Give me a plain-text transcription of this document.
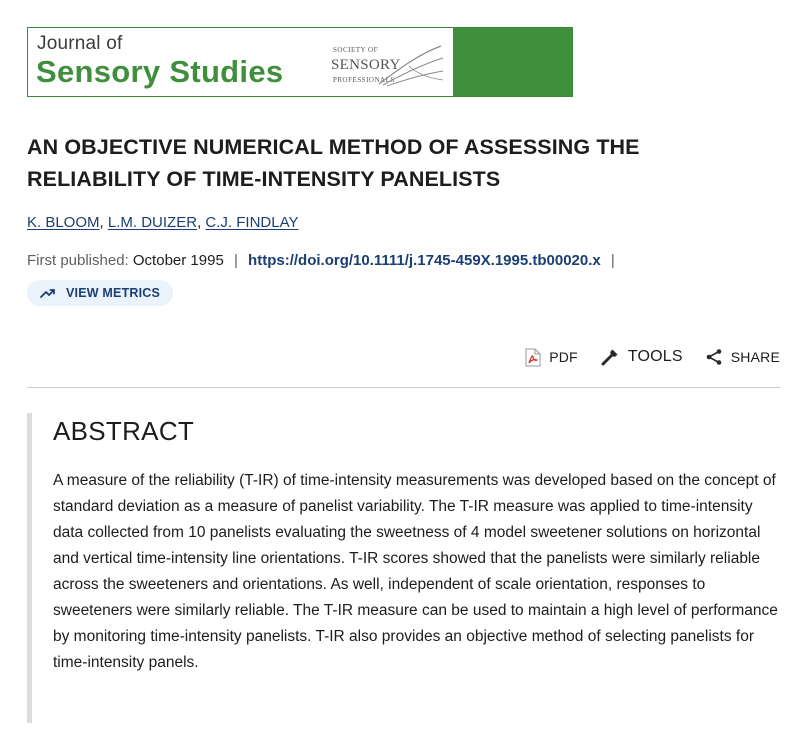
Journal of
Sensory Studies
SOCIETY OF
SENSORY
PROFESSIONALS
AN OBJECTIVE NUMERICAL METHOD OF ASSESSING THE RELIABILITY OF TIME-INTENSITY PANELISTS
K. BLOOM, L.M. DUIZER, C.J. FINDLAY
First published: October 1995 | https://doi.org/10.1111/j.1745-459X.1995.tb00020.x |
VIEW METRICS
PDF	TOOLS	SHARE
ABSTRACT

A measure of the reliability (T-IR) of time-intensity measurements was developed based on the concept of standard deviation as a measure of panelist variability. The T-IR measure was applied to time-intensity data collected from 10 panelists evaluating the sweetness of 4 model sweetener solutions on horizontal and vertical time-intensity line orientations. T-IR scores showed that the panelists were similarly reliable across the sweeteners and orientations. As well, independent of scale orientation, responses to sweeteners were similarly reliable. The T-IR measure can be used to maintain a high level of performance by monitoring time-intensity panelists. T-IR also provides an objective method of selecting panelists for time-intensity panels.
